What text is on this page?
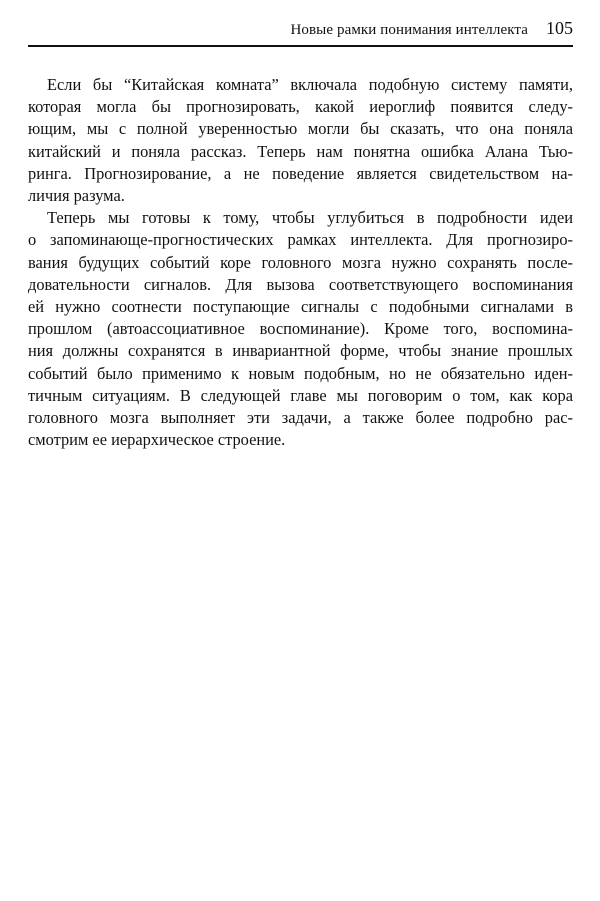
Новые рамки понимания интеллекта 105

Если бы “Китайская комната” включала подобную систему памяти,
которая могла бы прогнозировать, какой иероглиф появится следу-
ющим, мы с полной уверенностью могли бы сказать, что она поняла
китайский и поняла рассказ. Теперь нам понятна ошибка Алана Тью-
ринга. Прогнозирование, а не поведение является свидетельством на-
личия разума.

Теперь мы готовы к тому, чтобы углубиться в подробности идеи
о запоминающе-прогностических рамках интеллекта. Для прогнозиро-
вания будущих событий коре головного мозга нужно сохранять после-
довательности сигналов. Для вызова соответствующего воспоминания
ей нужно соотнести поступающие сигналы с подобными сигналами в
прошлом (автоассоциативное воспоминание). Кроме того, воспомина-
ния должны сохранятся в инвариантной форме, чтобы знание прошлых
событий было применимо к новым подобным, но не обязательно иден-
тичным ситуациям. В следующей главе мы поговорим о том, как кора
головного мозга выполняет эти задачи, а также более подробно рас-
смотрим ее иерархическое строение.
